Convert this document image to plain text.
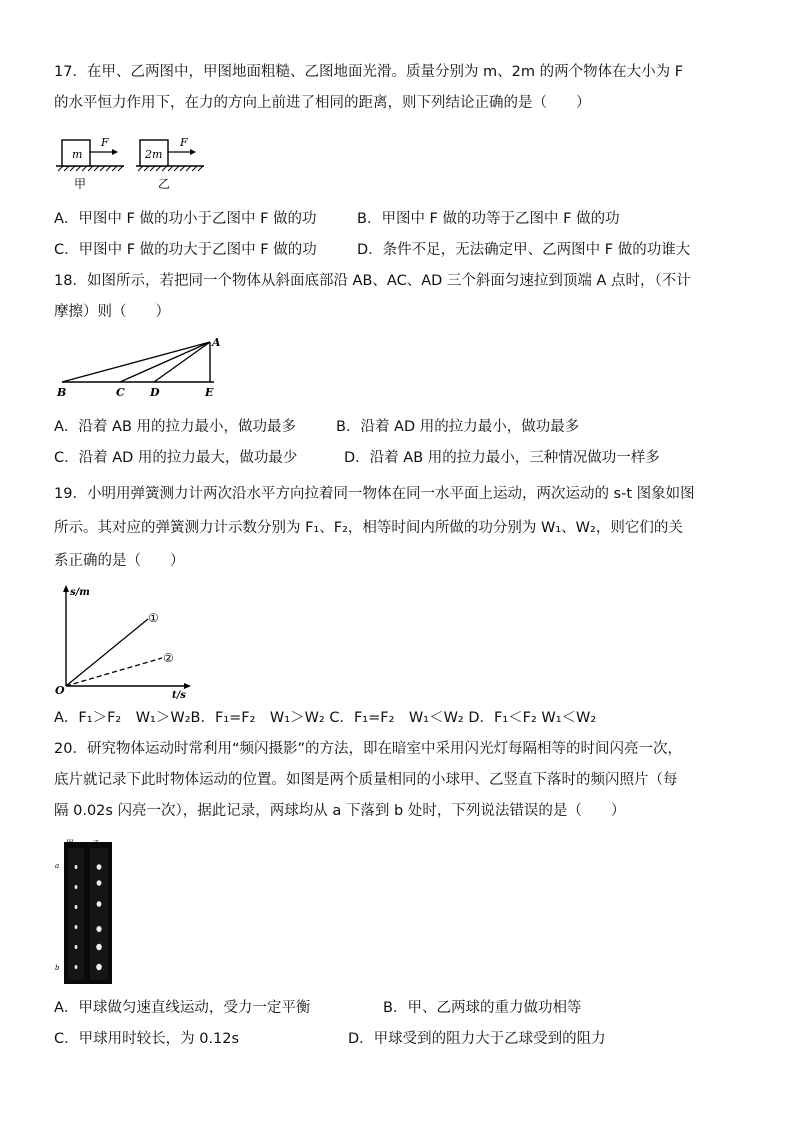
17．在甲、乙两图中，甲图地面粗糙、乙图地面光滑。质量分别为 m、2m 的两个物体在大小为 F
的水平恒力作用下，在力的方向上前进了相同的距离，则下列结论正确的是（　　）
m
F
甲
2m
F
乙
A．甲图中 F 做的功小于乙图中 F 做的功	B．甲图中 F 做的功等于乙图中 F 做的功
C．甲图中 F 做的功大于乙图中 F 做的功	D．条件不足，无法确定甲、乙两图中 F 做的功谁大
18．如图所示，若把同一个物体从斜面底部沿 AB、AC、AD 三个斜面匀速拉到顶端 A 点时，（不计
摩擦）则（　　）
A
B	C D	E
A．沿着 AB 用的拉力最小，做功最多	B．沿着 AD 用的拉力最小，做功最多
C．沿着 AD 用的拉力最大，做功最少	D．沿着 AB 用的拉力最小，三种情况做功一样多
19．小明用弹簧测力计两次沿水平方向拉着同一物体在同一水平面上运动，两次运动的 s-t 图象如图
所示。其对应的弹簧测力计示数分别为 F₁、F₂，相等时间内所做的功分别为 W₁、W₂，则它们的关
系正确的是（　　）
s/m
t/s
O
①
②
A．F₁＞F₂　W₁＞W₂B．F₁=F₂　W₁＞W₂ C．F₁=F₂　W₁＜W₂ D．F₁＜F₂ W₁＜W₂
20．研究物体运动时常利用“频闪摄影”的方法，即在暗室中采用闪光灯每隔相等的时间闪亮一次，
底片就记录下此时物体运动的位置。如图是两个质量相同的小球甲、乙竖直下落时的频闪照片（每
隔 0.02s 闪亮一次），据此记录，两球均从 a 下落到 b 处时，下列说法错误的是（　　）
甲 乙
a
b
A．甲球做匀速直线运动，受力一定平衡	B．甲、乙两球的重力做功相等
C．甲球用时较长，为 0.12s	D．甲球受到的阻力大于乙球受到的阻力
